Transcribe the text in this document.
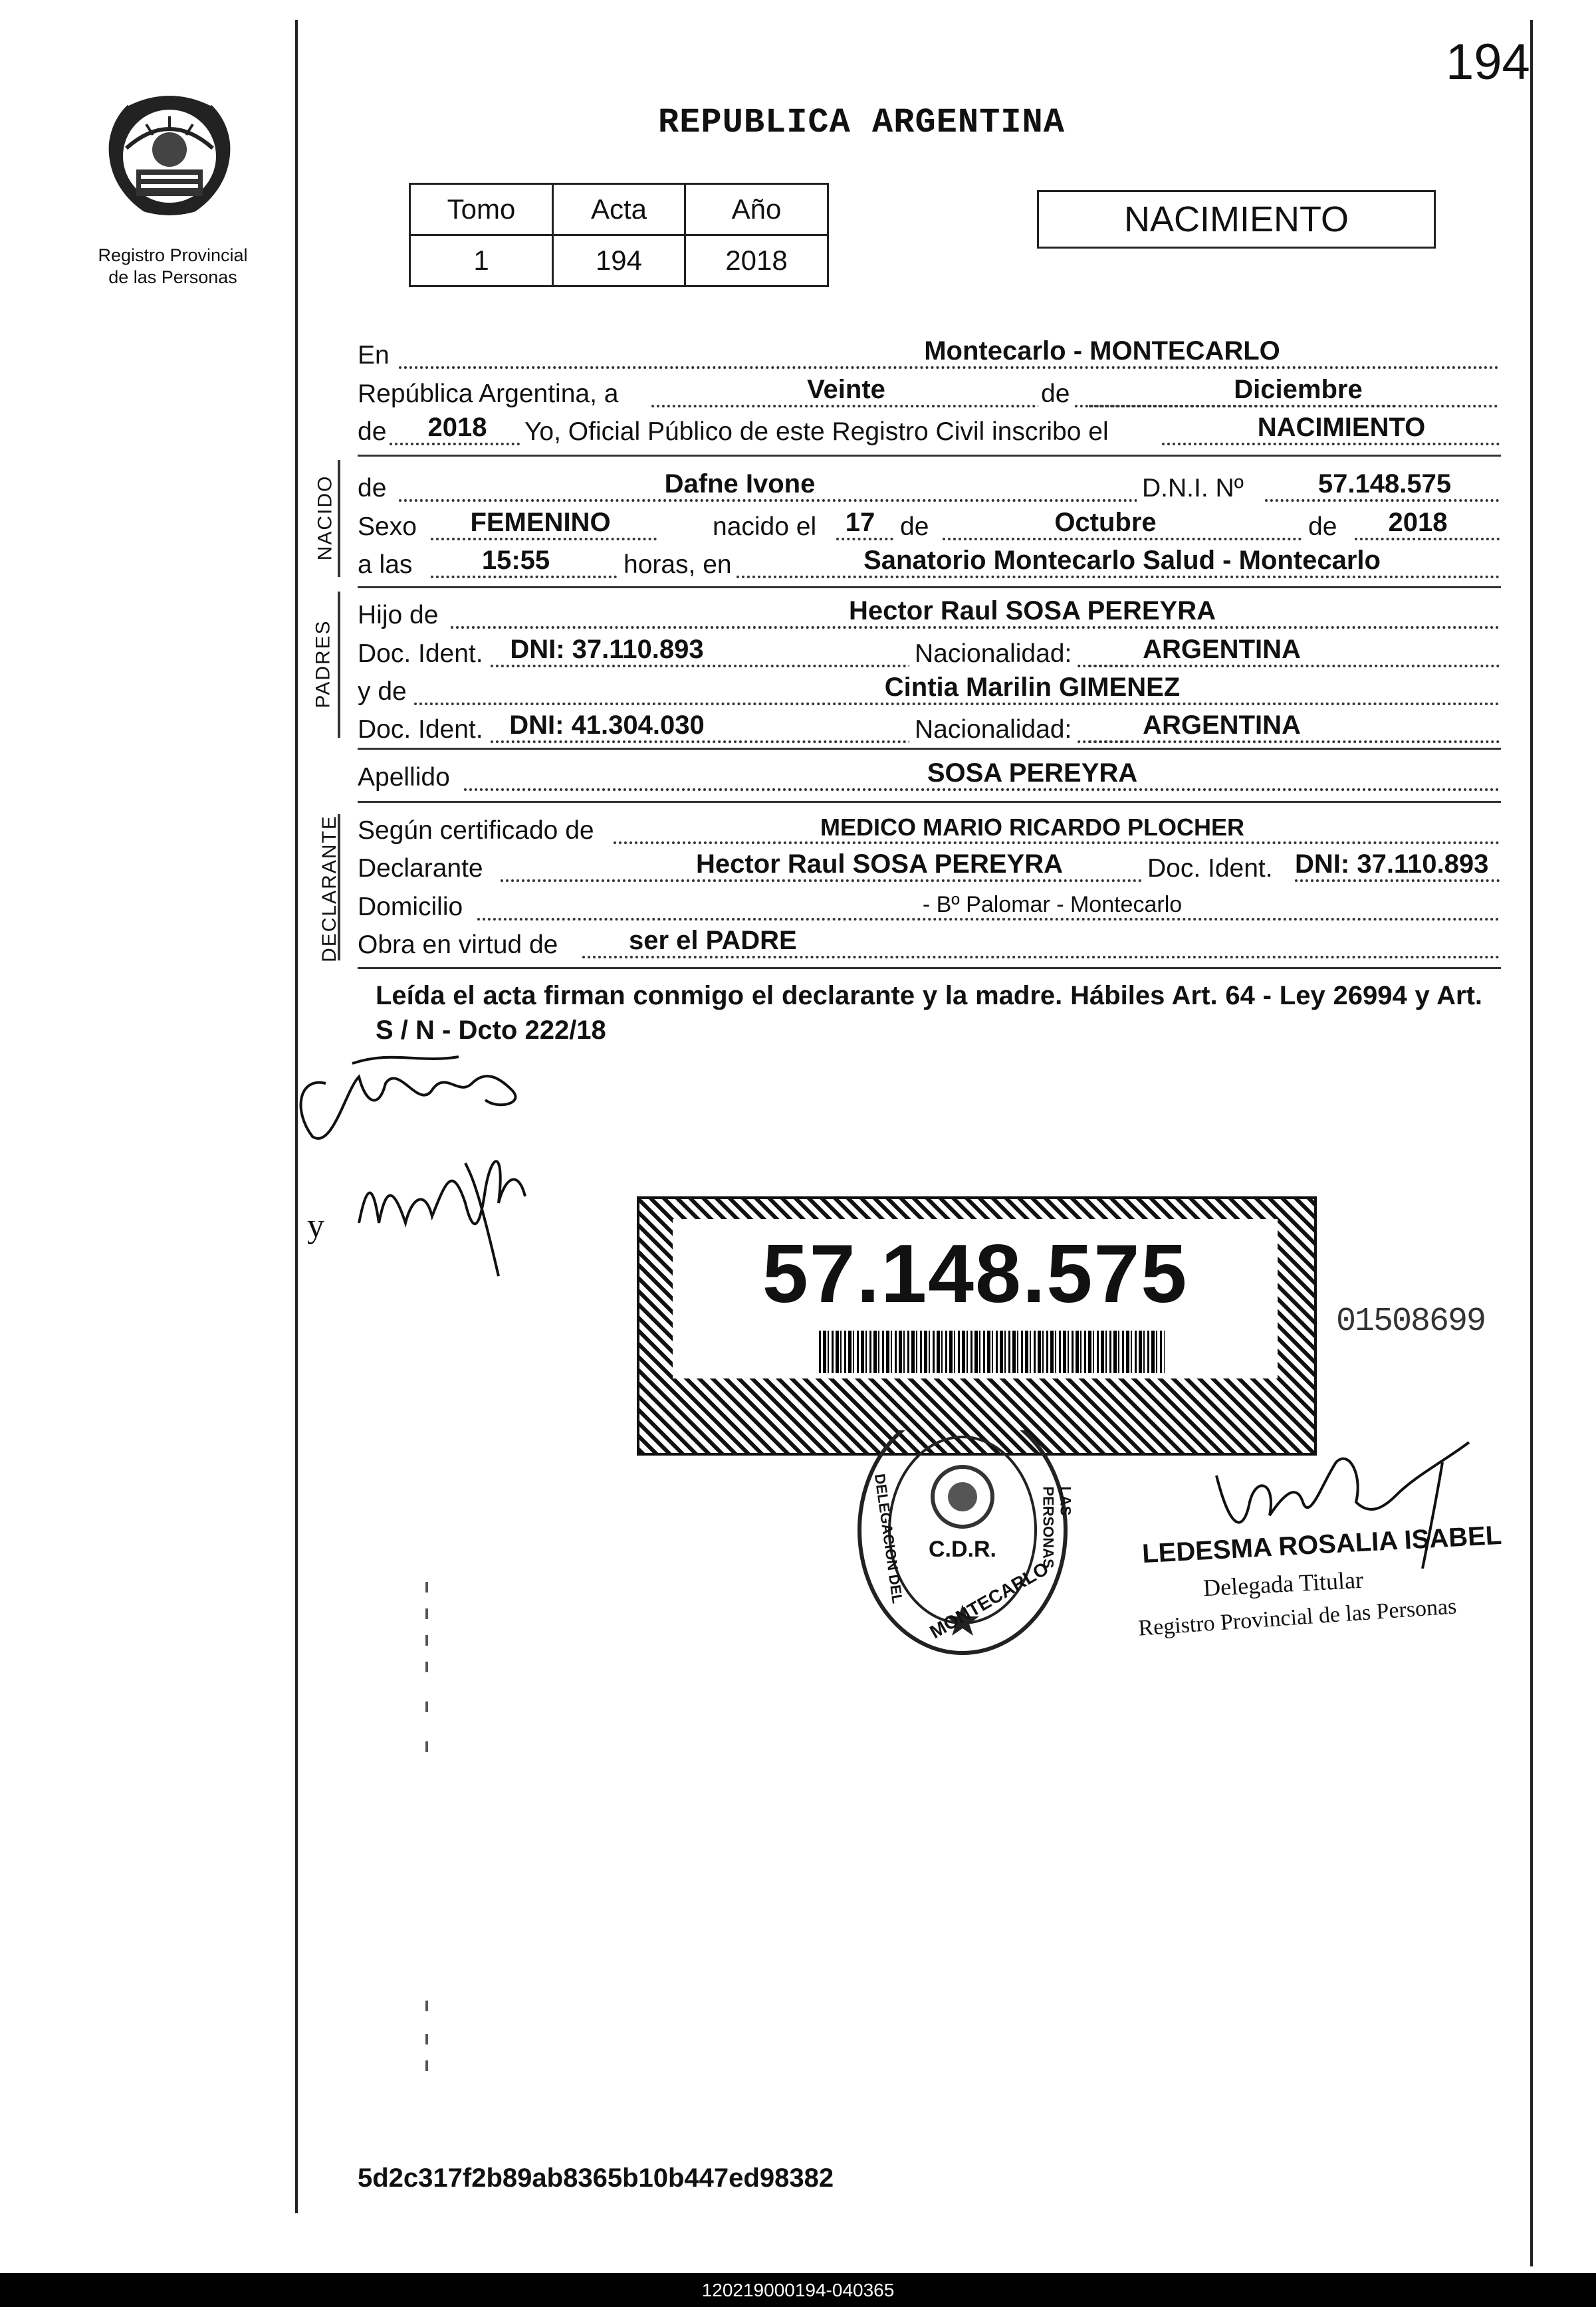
Registro Provincial
de las Personas
194
REPUBLICA ARGENTINA
Tomo	Acta	Año
1	194	2018
NACIMIENTO
En	Montecarlo - MONTECARLO
República Argentina, a	Veinte	de	Diciembre
de 2018 Yo, Oficial Público de este Registro Civil inscribo el	NACIMIENTO
NACIDO de	Dafne Ivone	D.N.I. Nº	57.148.575
Sexo FEMENINO	nacido el 17 de	Octubre	de 2018
a las	15:55	horas, en	Sanatorio Montecarlo Salud - Montecarlo
PADRES
Hijo de	Hector Raul SOSA PEREYRA
Doc. Ident. DNI: 37.110.893	Nacionalidad:	ARGENTINA
y de	Cintia Marilin GIMENEZ
Doc. Ident. DNI: 41.304.030	Nacionalidad:	ARGENTINA
Apellido	SOSA PEREYRA
DECLARANTE Según certificado de	MEDICO MARIO RICARDO PLOCHER
Declarante	Hector Raul SOSA PEREYRA	Doc. Ident. DNI: 37.110.893
Domicilio	- Bº Palomar - Montecarlo
Obra en virtud de	ser el PADRE
Leída el acta firman conmigo el declarante y la madre. Hábiles Art. 64 - Ley 26994 y Art. S / N - Dcto 222/18
y
57.148.575
01508699
C.D.R.
DELEGACION DEL MONTECARLO
LAS PERSONAS	LEDESMA ROSALIA ISABEL
Delegada Titular
Registro Provincial de las Personas
5d2c317f2b89ab8365b10b447ed98382
120219000194-040365
